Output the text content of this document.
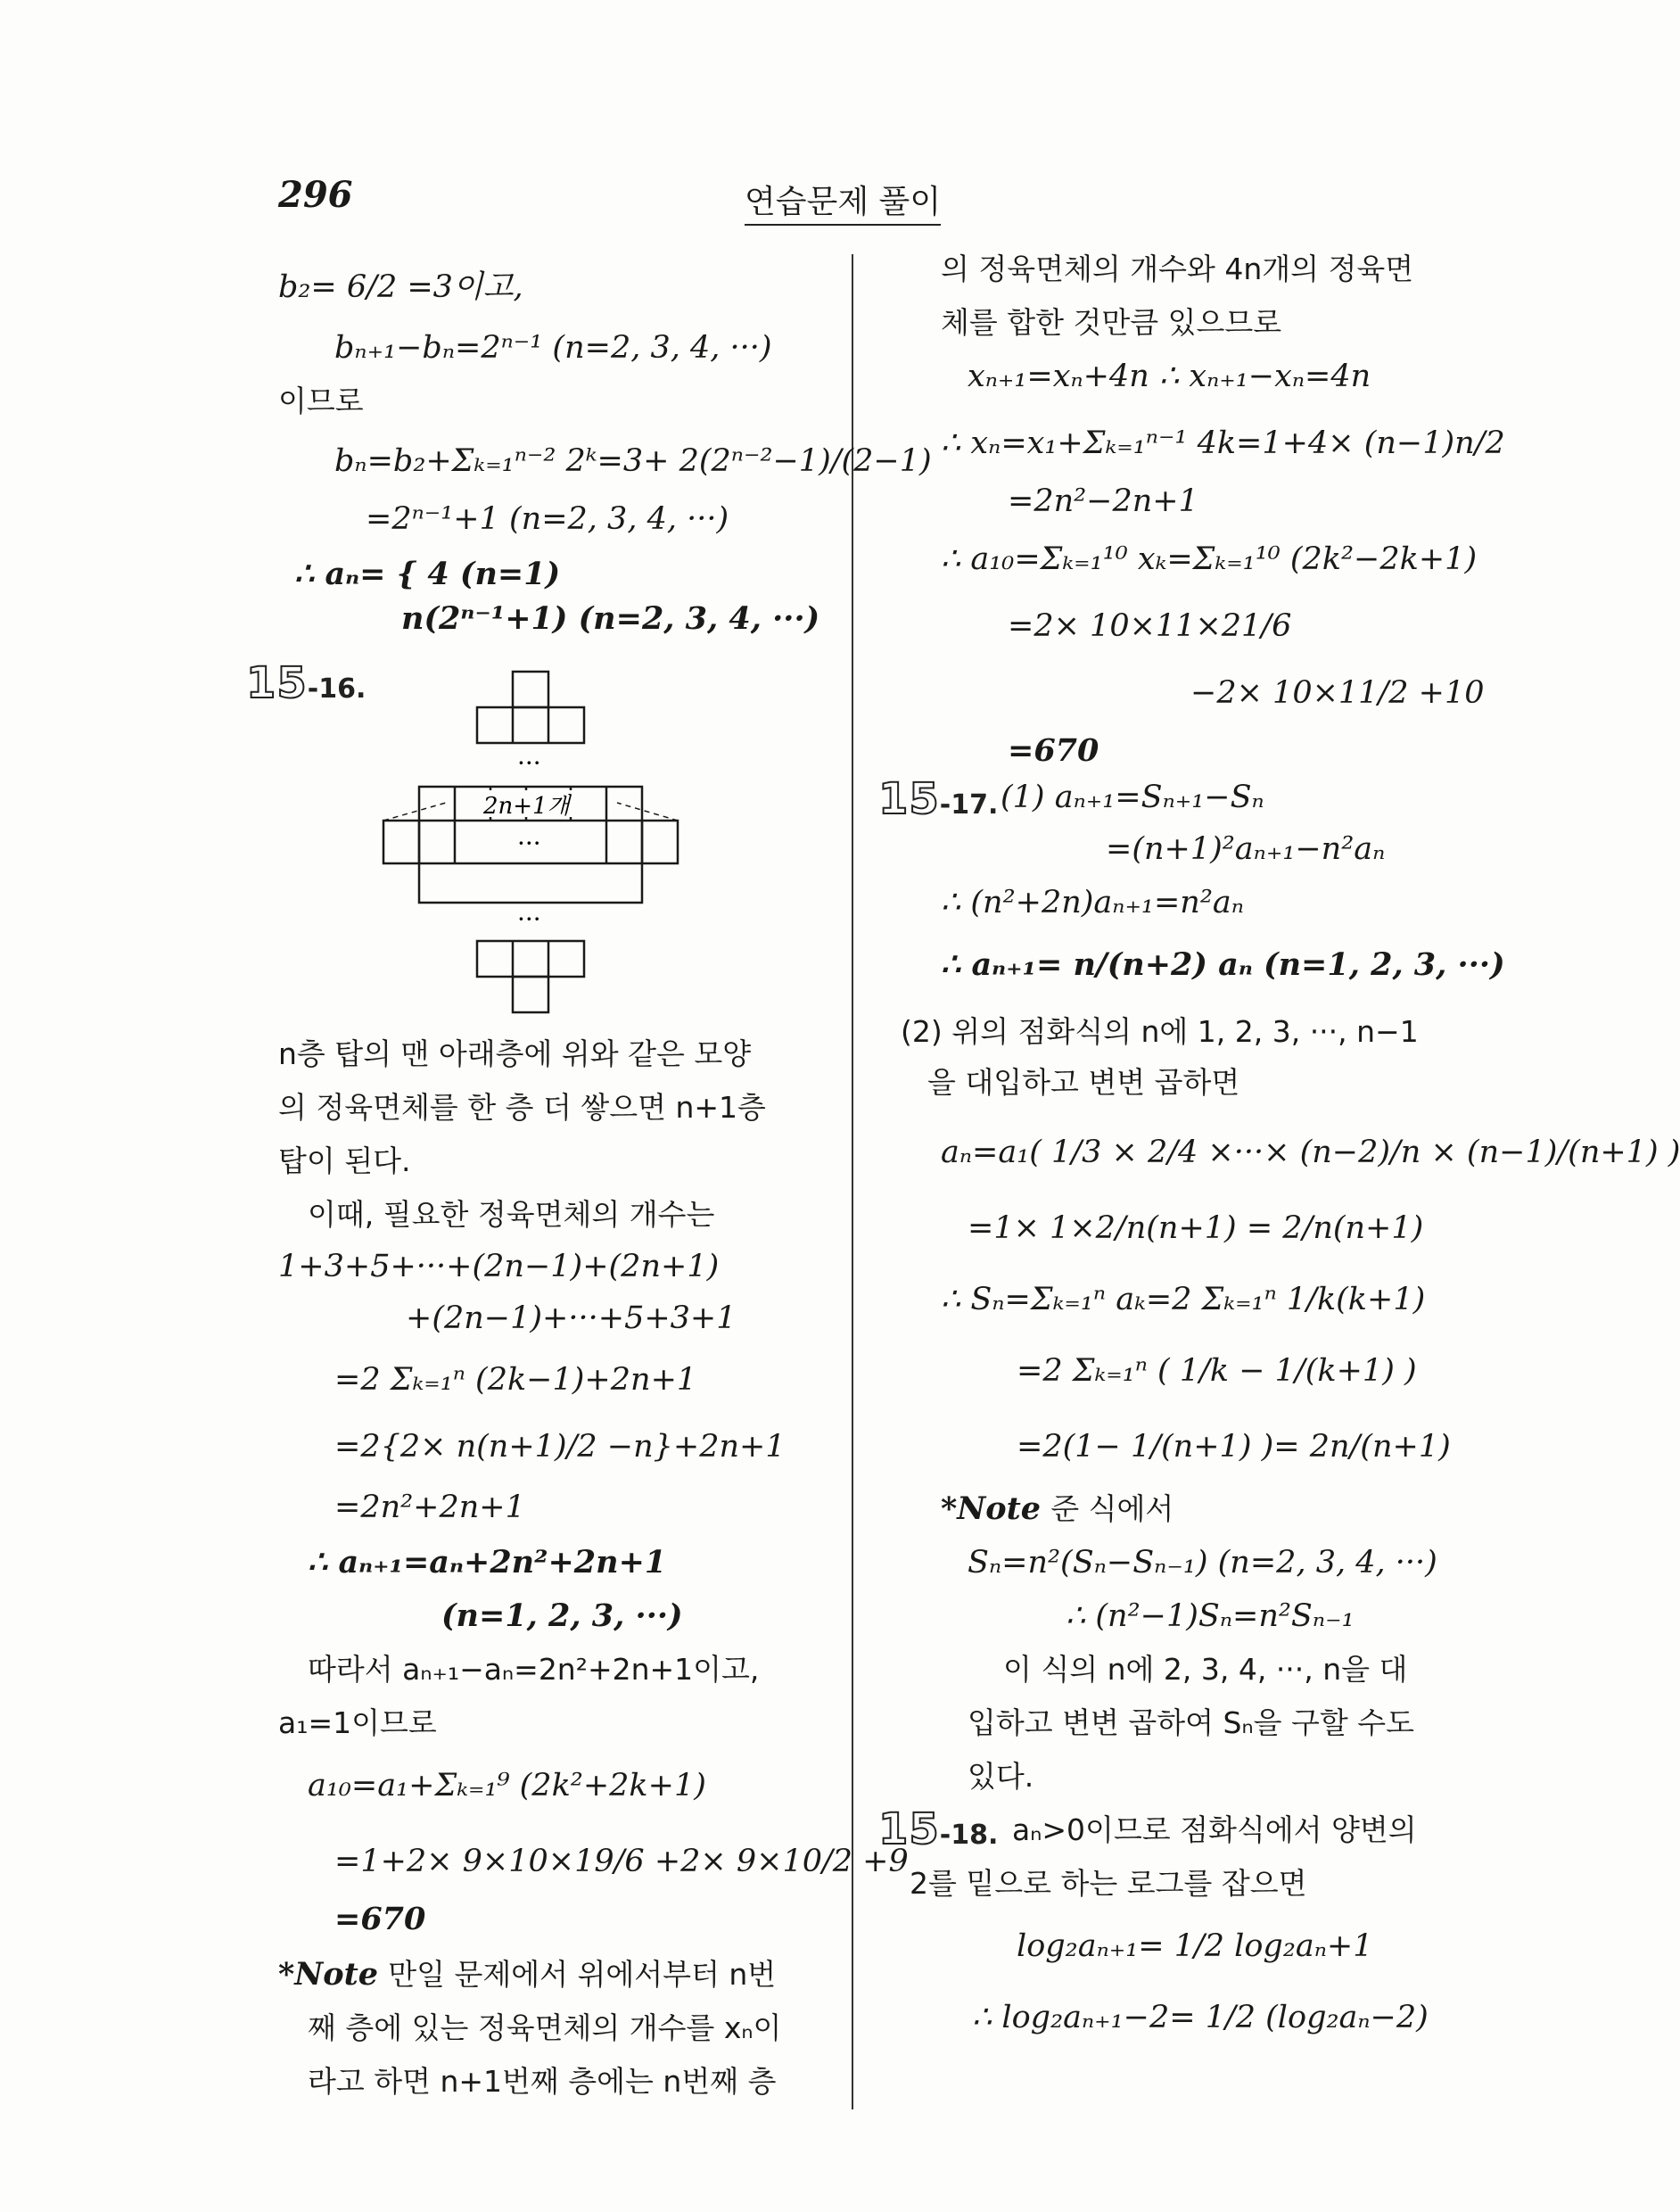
296	연습문제 풀이
b₂= 6/2 =3이고,
bₙ₊₁−bₙ=2ⁿ⁻¹ (n=2, 3, 4, ···)
이므로
bₙ=b₂+Σₖ₌₁ⁿ⁻² 2ᵏ=3+ 2(2ⁿ⁻²−1)/(2−1)
=2ⁿ⁻¹+1 (n=2, 3, 4, ···)
∴ aₙ= { 4 (n=1)
n(2ⁿ⁻¹+1) (n=2, 3, 4, ···)
15-16.
···
2n+1개
···
···
n층 탑의 맨 아래층에 위와 같은 모양
의 정육면체를 한 층 더 쌓으면 n+1층
탑이 된다.
이때, 필요한 정육면체의 개수는
1+3+5+···+(2n−1)+(2n+1)
+(2n−1)+···+5+3+1
=2 Σₖ₌₁ⁿ (2k−1)+2n+1
=2{2× n(n+1)/2 −n}+2n+1
=2n²+2n+1
∴ aₙ₊₁=aₙ+2n²+2n+1
(n=1, 2, 3, ···)
따라서 aₙ₊₁−aₙ=2n²+2n+1이고,
a₁=1이므로
a₁₀=a₁+Σₖ₌₁⁹ (2k²+2k+1)
=1+2× 9×10×19/6 +2× 9×10/2 +9
=670
*Note 만일 문제에서 위에서부터 n번
째 층에 있는 정육면체의 개수를 xₙ이
라고 하면 n+1번째 층에는 n번째 층
의 정육면체의 개수와 4n개의 정육면
체를 합한 것만큼 있으므로
xₙ₊₁=xₙ+4n ∴ xₙ₊₁−xₙ=4n
∴ xₙ=x₁+Σₖ₌₁ⁿ⁻¹ 4k=1+4× (n−1)n/2
=2n²−2n+1
∴ a₁₀=Σₖ₌₁¹⁰ xₖ=Σₖ₌₁¹⁰ (2k²−2k+1)
=2× 10×11×21/6
−2× 10×11/2 +10
=670
15-17. (1) aₙ₊₁=Sₙ₊₁−Sₙ
=(n+1)²aₙ₊₁−n²aₙ
∴ (n²+2n)aₙ₊₁=n²aₙ
∴ aₙ₊₁= n/(n+2) aₙ (n=1, 2, 3, ···)
(2) 위의 점화식의 n에 1, 2, 3, ···, n−1
을 대입하고 변변 곱하면
aₙ=a₁( 1/3 × 2/4 ×···× (n−2)/n × (n−1)/(n+1) )
=1× 1×2/n(n+1) = 2/n(n+1)
∴ Sₙ=Σₖ₌₁ⁿ aₖ=2 Σₖ₌₁ⁿ 1/k(k+1)
=2 Σₖ₌₁ⁿ ( 1/k − 1/(k+1) )
=2(1− 1/(n+1) )= 2n/(n+1)
*Note 준 식에서
Sₙ=n²(Sₙ−Sₙ₋₁) (n=2, 3, 4, ···)
∴ (n²−1)Sₙ=n²Sₙ₋₁
이 식의 n에 2, 3, 4, ···, n을 대
입하고 변변 곱하여 Sₙ을 구할 수도
있다.
15-18. aₙ>0이므로 점화식에서 양변의
2를 밑으로 하는 로그를 잡으면
log₂aₙ₊₁= 1/2 log₂aₙ+1
∴ log₂aₙ₊₁−2= 1/2 (log₂aₙ−2)
